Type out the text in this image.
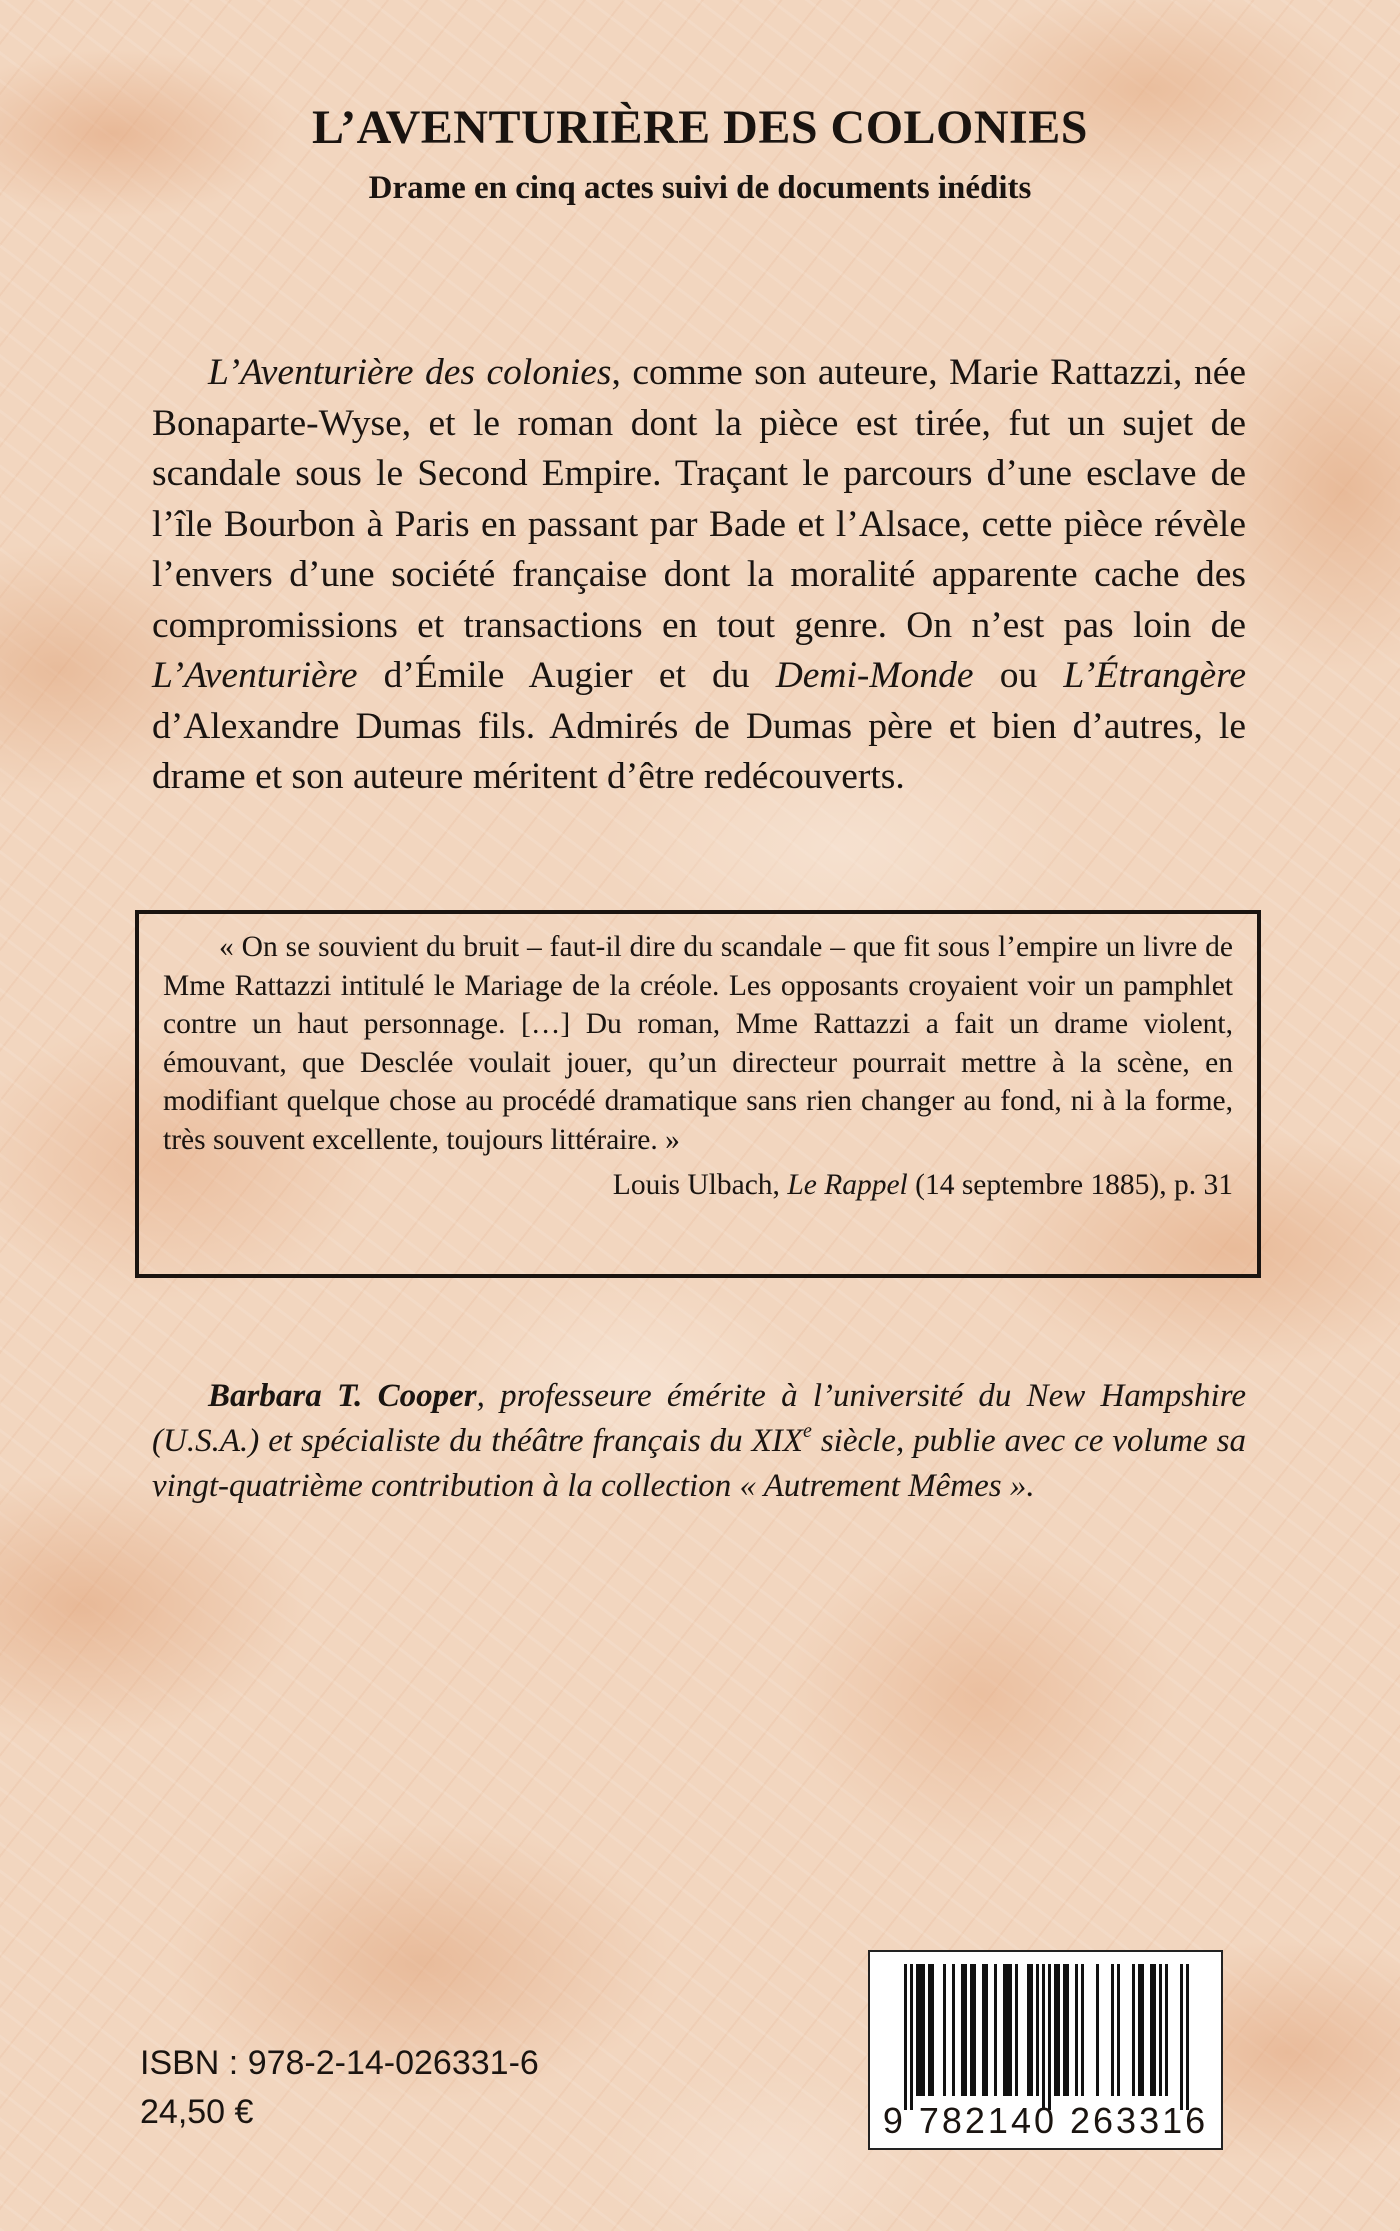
L’AVENTURIÈRE DES COLONIES
Drame en cinq actes suivi de documents inédits

L’Aventurière des colonies, comme son auteure, Marie Rattazzi, née Bonaparte-Wyse, et le roman dont la pièce est tirée, fut un sujet de scandale sous le Second Empire. Traçant le parcours d’une esclave de l’île Bourbon à Paris en passant par Bade et l’Alsace, cette pièce révèle l’envers d’une société française dont la moralité apparente cache des compromissions et transactions en tout genre. On n’est pas loin de L’Aventurière d’Émile Augier et du Demi-Monde ou L’Étrangère d’Alexandre Dumas fils. Admirés de Dumas père et bien d’autres, le drame et son auteure méritent d’être redécouverts.

« On se souvient du bruit – faut-il dire du scandale – que fit sous l’empire un livre de Mme Rattazzi intitulé le Mariage de la créole. Les opposants croyaient voir un pamphlet contre un haut personnage. […] Du roman, Mme Rattazzi a fait un drame violent, émouvant, que Desclée voulait jouer, qu’un directeur pourrait mettre à la scène, en modifiant quelque chose au procédé dramatique sans rien changer au fond, ni à la forme, très souvent excellente, toujours littéraire. »

Louis Ulbach, Le Rappel (14 septembre 1885), p. 31

Barbara T. Cooper, professeure émérite à l’université du New Hampshire (U.S.A.) et spécialiste du théâtre français du XIXe siècle, publie avec ce volume sa vingt-quatrième contribution à la collection « Autrement Mêmes ».

ISBN : 978-2-14-026331-6

24,50 €	9 782140 263316
